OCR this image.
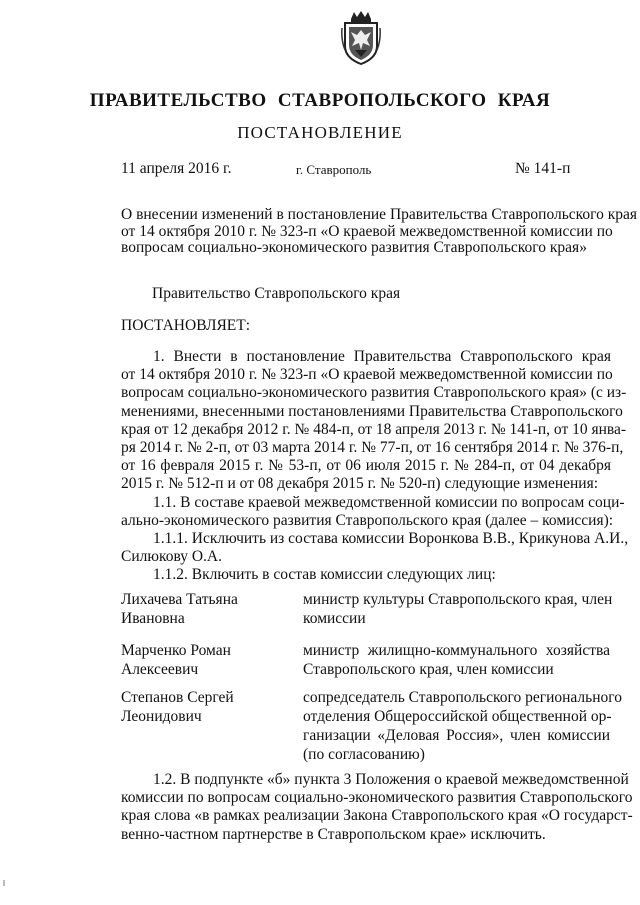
ПРАВИТЕЛЬСТВО СТАВРОПОЛЬСКОГО КРАЯ
ПОСТАНОВЛЕНИЕ
11 апреля 2016 г.	г. Ставрополь	№ 141-п
О внесении изменений в постановление Правительства Ставропольского края
от 14 октября 2010 г. № 323-п «О краевой межведомственной комиссии по
вопросам социально-экономического развития Ставропольского края»
Правительство Ставропольского края
ПОСТАНОВЛЯЕТ:
1. Внести в постановление Правительства Ставропольского края
от 14 октября 2010 г. № 323-п «О краевой межведомственной комиссии по
вопросам социально-экономического развития Ставропольского края» (с из-
менениями, внесенными постановлениями Правительства Ставропольского
края от 12 декабря 2012 г. № 484-п, от 18 апреля 2013 г. № 141-п, от 10 янва-
ря 2014 г. № 2-п, от 03 марта 2014 г. № 77-п, от 16 сентября 2014 г. № 376-п,
от 16 февраля 2015 г. № 53-п, от 06 июля 2015 г. № 284-п, от 04 декабря
2015 г. № 512-п и от 08 декабря 2015 г. № 520-п) следующие изменения:
1.1. В составе краевой межведомственной комиссии по вопросам соци-
ально-экономического развития Ставропольского края (далее – комиссия):
1.1.1. Исключить из состава комиссии Воронкова В.В., Крикунова А.И.,
Силюкову О.А.
1.1.2. Включить в состав комиссии следующих лиц:
Лихачева Татьяна
Ивановна
министр культуры Ставропольского края, член
комиссии
Марченко Роман
Алексеевич
министр жилищно-коммунального хозяйства
Ставропольского края, член комиссии
Степанов Сергей
Леонидович
сопредседатель Ставропольского регионального
отделения Общероссийской общественной ор-
ганизации «Деловая Россия», член комиссии
(по согласованию)
1.2. В подпункте «б» пункта 3 Положения о краевой межведомственной
комиссии по вопросам социально-экономического развития Ставропольского
края слова «в рамках реализации Закона Ставропольского края «О государст-
венно-частном партнерстве в Ставропольском крае» исключить.
